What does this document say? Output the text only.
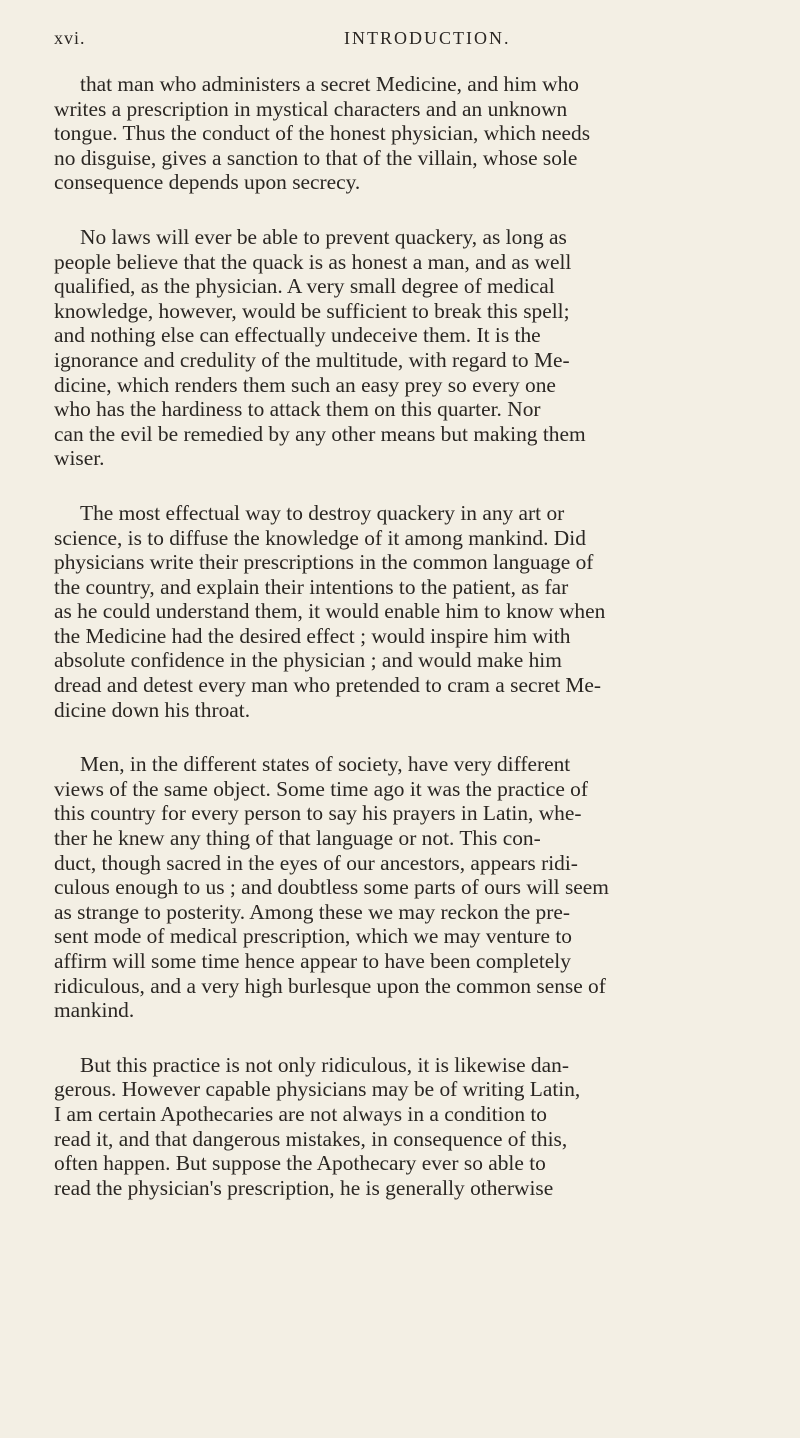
xvi.	INTRODUCTION.

that man who administers a secret Medicine, and him who
writes a prescription in mystical characters and an unknown
tongue. Thus the conduct of the honest physician, which needs
no disguise, gives a sanction to that of the villain, whose sole
consequence depends upon secrecy.

No laws will ever be able to prevent quackery, as long as
people believe that the quack is as honest a man, and as well
qualified, as the physician. A very small degree of medical
knowledge, however, would be sufficient to break this spell;
and nothing else can effectually undeceive them. It is the
ignorance and credulity of the multitude, with regard to Me-
dicine, which renders them such an easy prey so every one
who has the hardiness to attack them on this quarter. Nor
can the evil be remedied by any other means but making them
wiser.

The most effectual way to destroy quackery in any art or
science, is to diffuse the knowledge of it among mankind. Did
physicians write their prescriptions in the common language of
the country, and explain their intentions to the patient, as far
as he could understand them, it would enable him to know when
the Medicine had the desired effect ; would inspire him with
absolute confidence in the physician ; and would make him
dread and detest every man who pretended to cram a secret Me-
dicine down his throat.

Men, in the different states of society, have very different
views of the same object. Some time ago it was the practice of
this country for every person to say his prayers in Latin, whe-
ther he knew any thing of that language or not. This con-
duct, though sacred in the eyes of our ancestors, appears ridi-
culous enough to us ; and doubtless some parts of ours will seem
as strange to posterity. Among these we may reckon the pre-
sent mode of medical prescription, which we may venture to
affirm will some time hence appear to have been completely
ridiculous, and a very high burlesque upon the common sense of
mankind.

But this practice is not only ridiculous, it is likewise dan-
gerous. However capable physicians may be of writing Latin,
I am certain Apothecaries are not always in a condition to
read it, and that dangerous mistakes, in consequence of this,
often happen. But suppose the Apothecary ever so able to
read the physician's prescription, he is generally otherwise
